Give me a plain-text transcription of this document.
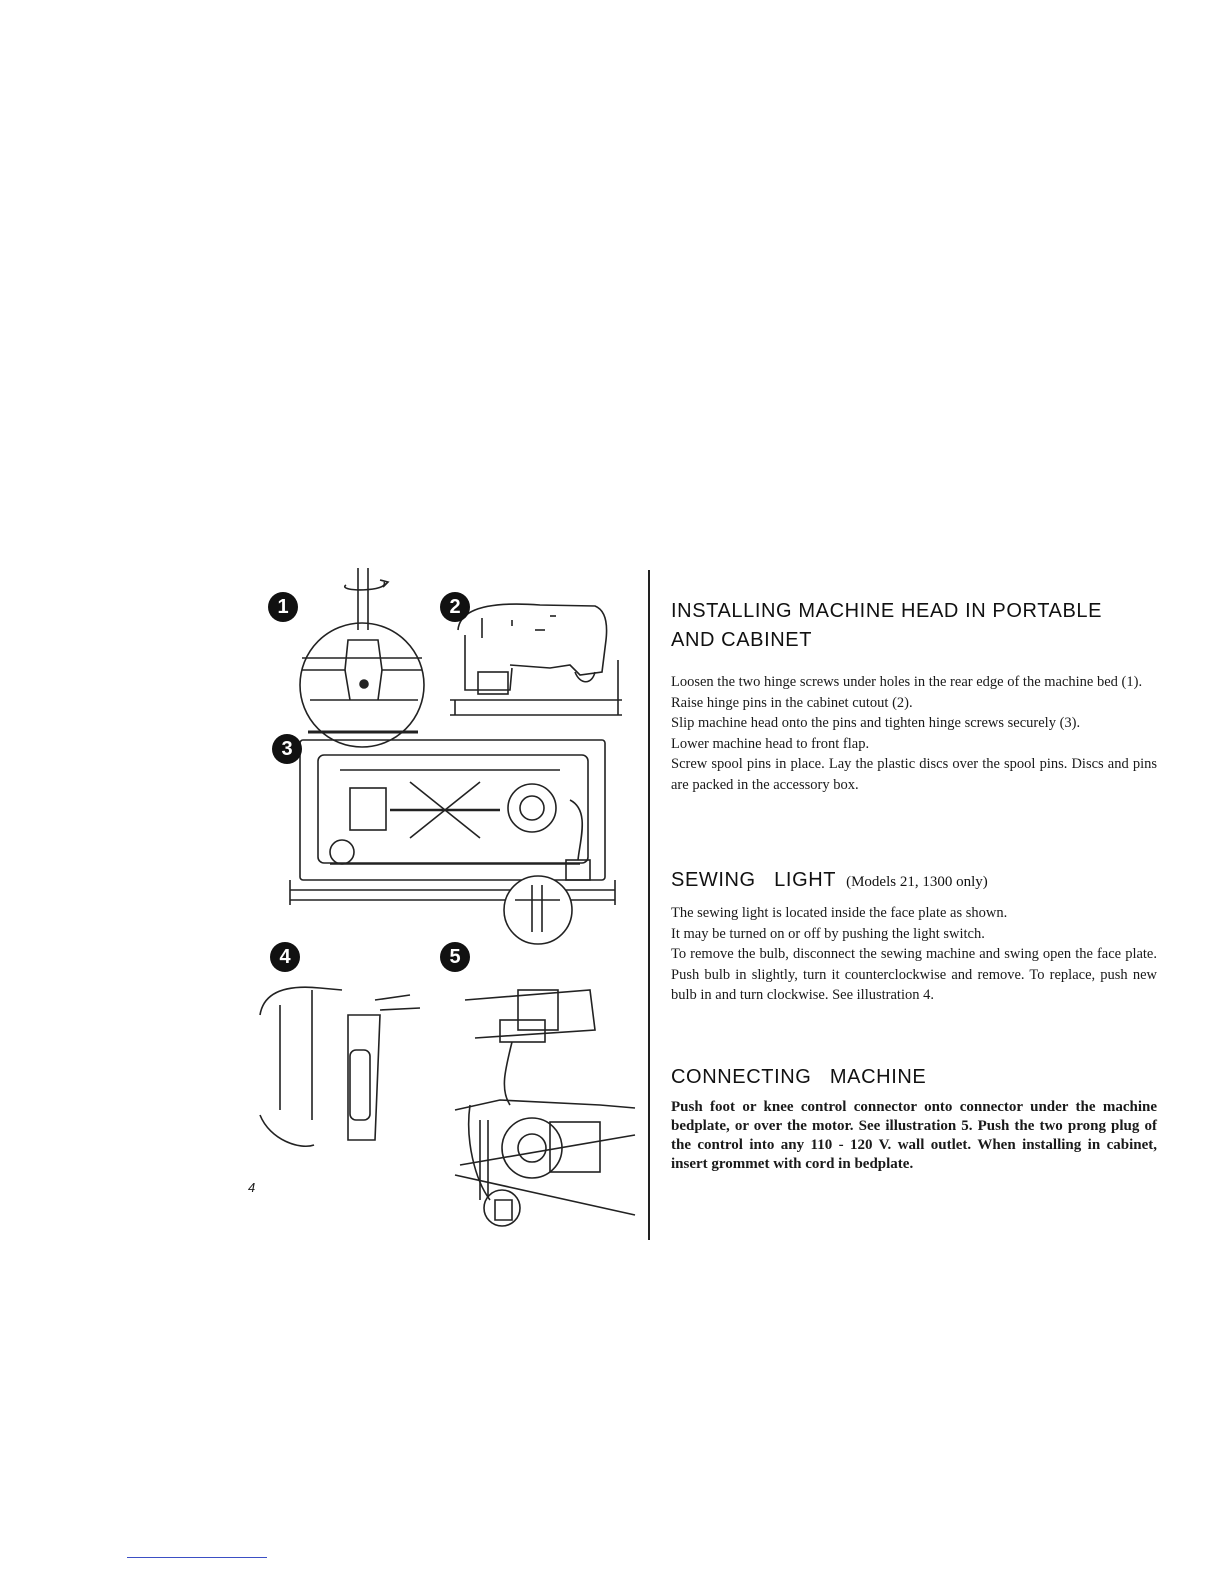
1	2
3
4	5
4
INSTALLING MACHINE HEAD IN PORTABLE
AND CABINET

Loosen the two hinge screws under holes in the rear edge of the machine bed (1).

Raise hinge pins in the cabinet cutout (2).

Slip machine head onto the pins and tighten hinge screws securely (3).

Lower machine head to front flap.

Screw spool pins in place. Lay the plastic discs over the spool pins. Discs and pins are packed in the accessory box.

SEWING   LIGHT (Models 21, 1300 only)

The sewing light is located inside the face plate as shown.

It may be turned on or off by pushing the light switch.

To remove the bulb, disconnect the sewing machine and swing open the face plate. Push bulb in slightly, turn it counterclockwise and remove. To replace, push new bulb in and turn clockwise. See illustration 4.

CONNECTING   MACHINE

Push foot or knee control connector onto connector under the machine bedplate, or over the motor. See illustration 5. Push the two prong plug of the control into any 110 - 120 V. wall outlet. When installing in cabinet, insert grommet with cord in bedplate.
